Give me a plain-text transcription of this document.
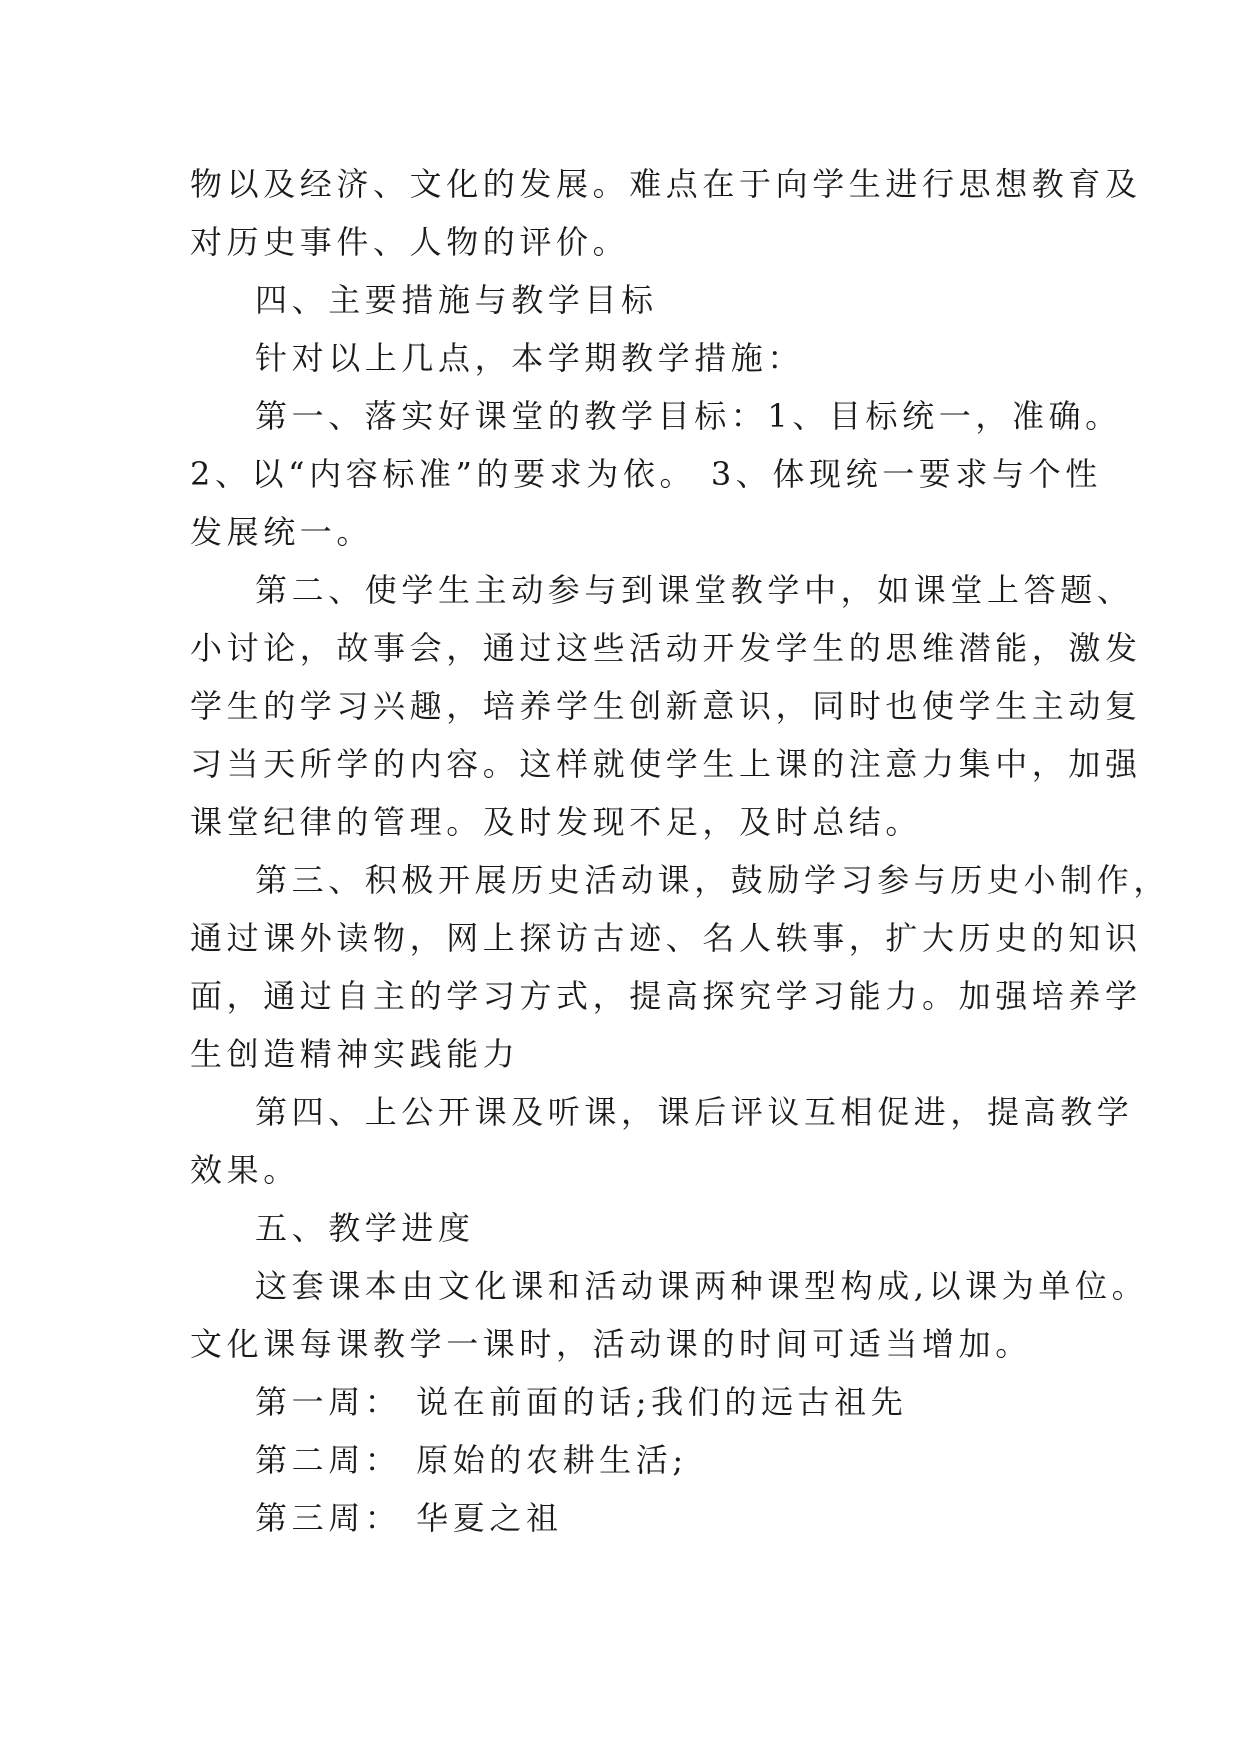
物以及经济、文化的发展。难点在于向学生进行思想教育及
对历史事件、人物的评价。
四、主要措施与教学目标
针对以上几点，本学期教学措施：
第一、落实好课堂的教学目标：1、目标统一，准确。
2、以“内容标准”的要求为依。 3、体现统一要求与个性
发展统一。
第二、使学生主动参与到课堂教学中，如课堂上答题、
小讨论，故事会，通过这些活动开发学生的思维潜能，激发
学生的学习兴趣，培养学生创新意识，同时也使学生主动复
习当天所学的内容。这样就使学生上课的注意力集中，加强
课堂纪律的管理。及时发现不足，及时总结。
第三、积极开展历史活动课，鼓励学习参与历史小制作，
通过课外读物，网上探访古迹、名人轶事，扩大历史的知识
面，通过自主的学习方式，提高探究学习能力。加强培养学
生创造精神实践能力
第四、上公开课及听课，课后评议互相促进，提高教学
效果。
五、教学进度
这套课本由文化课和活动课两种课型构成,以课为单位。
文化课每课教学一课时，活动课的时间可适当增加。
第一周： 说在前面的话;我们的远古祖先
第二周： 原始的农耕生活;
第三周： 华夏之祖
